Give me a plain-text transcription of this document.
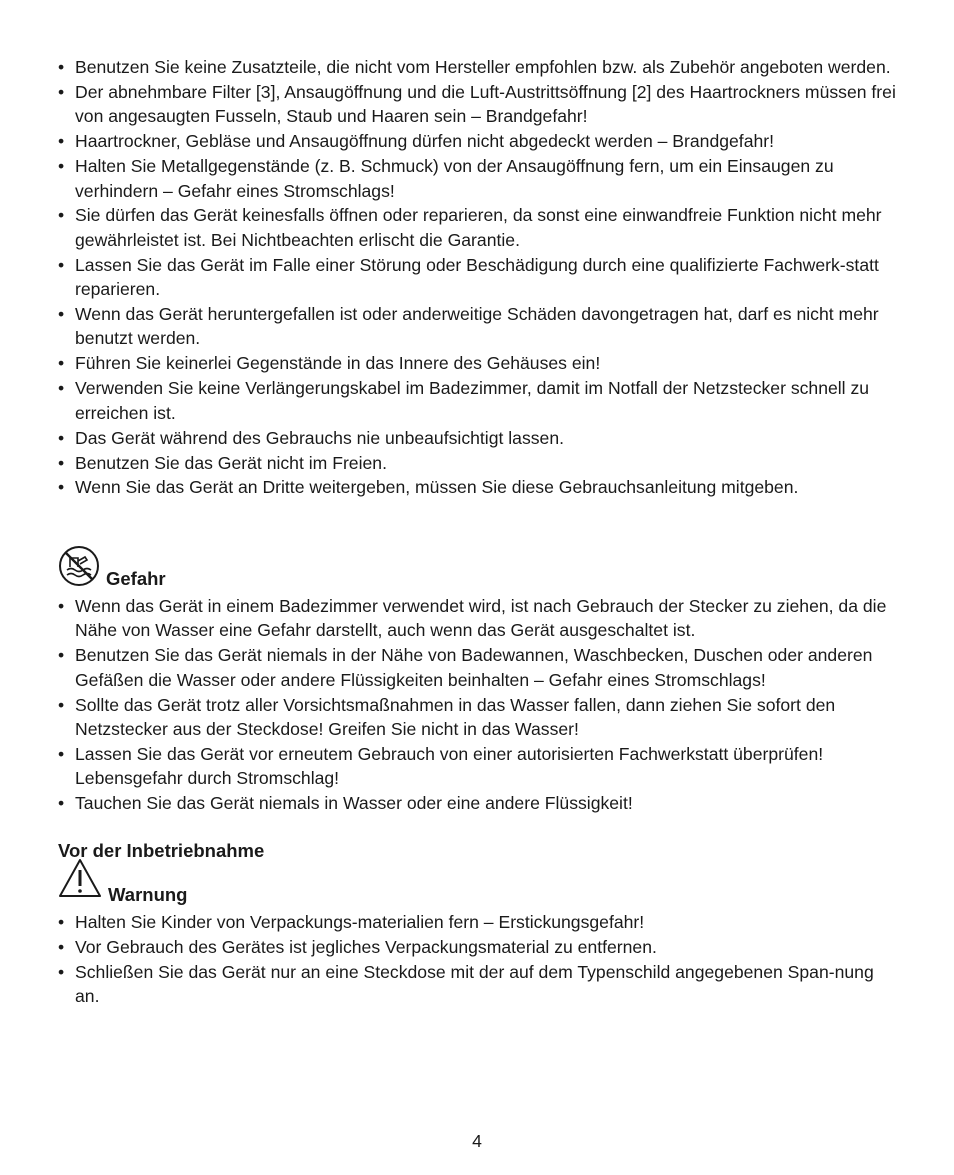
• Benutzen Sie keine Zusatzteile, die nicht vom Hersteller empfohlen bzw. als Zubehör angeboten werden.
• Der abnehmbare Filter [3], Ansaugöffnung und die Luft-Austrittsöffnung [2] des Haartrockners müssen frei von angesaugten Fusseln, Staub und Haaren sein – Brandgefahr!
• Haartrockner, Gebläse und Ansaugöffnung dürfen nicht abgedeckt werden – Brandgefahr!
• Halten Sie Metallgegenstände (z. B. Schmuck) von der Ansaugöffnung fern, um ein Einsaugen zu verhindern – Gefahr eines Stromschlags!
• Sie dürfen das Gerät keinesfalls öffnen oder reparieren, da sonst eine einwandfreie Funktion nicht mehr gewährleistet ist. Bei Nichtbeachten erlischt die Garantie.
• Lassen Sie das Gerät im Falle einer Störung oder Beschädigung durch eine qualifizierte Fachwerk-statt reparieren.
• Wenn das Gerät heruntergefallen ist oder anderweitige Schäden davongetragen hat, darf es nicht mehr benutzt werden.
• Führen Sie keinerlei Gegenstände in das Innere des Gehäuses ein!
• Verwenden Sie keine Verlängerungskabel im Badezimmer, damit im Notfall der Netzstecker schnell zu erreichen ist.
• Das Gerät während des Gebrauchs nie unbeaufsichtigt lassen.
• Benutzen Sie das Gerät nicht im Freien.
• Wenn Sie das Gerät an Dritte weitergeben, müssen Sie diese Gebrauchsanleitung mitgeben.
Gefahr
• Wenn das Gerät in einem Badezimmer verwendet wird, ist nach Gebrauch der Stecker zu ziehen, da die Nähe von Wasser eine Gefahr darstellt, auch wenn das Gerät ausgeschaltet ist.
• Benutzen Sie das Gerät niemals in der Nähe von Badewannen, Waschbecken, Duschen oder anderen Gefäßen die Wasser oder andere Flüssigkeiten beinhalten – Gefahr eines Stromschlags!
• Sollte das Gerät trotz aller Vorsichtsmaßnahmen in das Wasser fallen, dann ziehen Sie sofort den Netzstecker aus der Steckdose! Greifen Sie nicht in das Wasser!
• Lassen Sie das Gerät vor erneutem Gebrauch von einer autorisierten Fachwerkstatt überprüfen! Lebensgefahr durch Stromschlag!
• Tauchen Sie das Gerät niemals in Wasser oder eine andere Flüssigkeit!
Vor der Inbetriebnahme
Warnung
• Halten Sie Kinder von Verpackungs-materialien fern – Erstickungsgefahr!
• Vor Gebrauch des Gerätes ist jegliches Verpackungsmaterial zu entfernen.
• Schließen Sie das Gerät nur an eine Steckdose mit der auf dem Typenschild angegebenen Span-nung an.
4
